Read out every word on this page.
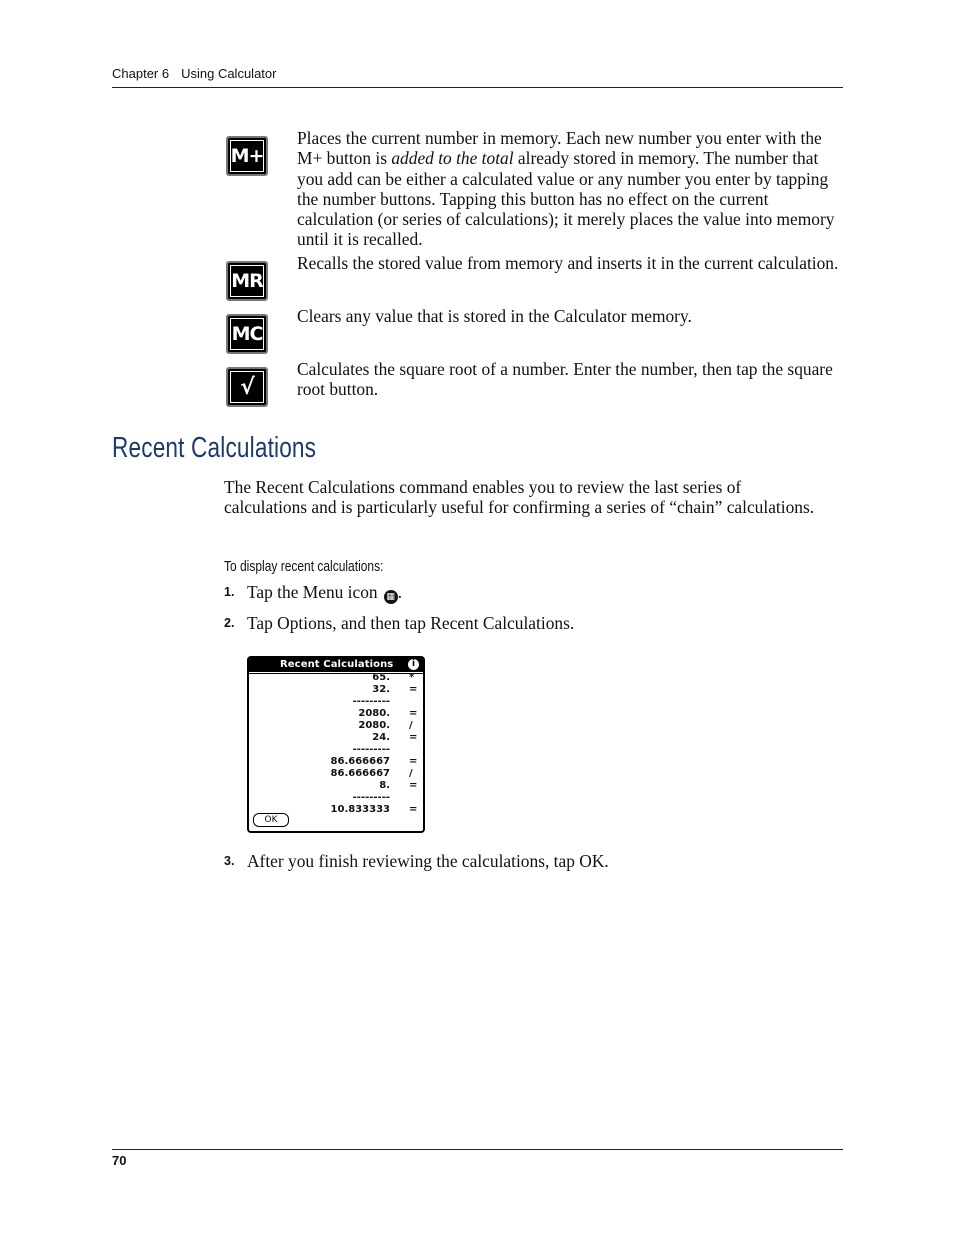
Chapter 6 Using Calculator
M+
Places the current number in memory. Each new number you enter with the M+ button is added to the total already stored in memory. The number that you add can be either a calculated value or any number you enter by tapping the number buttons. Tapping this button has no effect on the current calculation (or series of calculations); it merely places the value into memory until it is recalled.
MR
Recalls the stored value from memory and inserts it in the current calculation.
MC
Clears any value that is stored in the Calculator memory.
√
Calculates the square root of a number. Enter the number, then tap the square root button.
Recent Calculations
The Recent Calculations command enables you to review the last series of calculations and is particularly useful for confirming a series of “chain” calculations.
To display recent calculations:
1. Tap the Menu icon ▦ .
2. Tap Options, and then tap Recent Calculations.
Recent Calculations	i
65. *
32. =
---------
2080. =
2080. /
24. =
---------
86.666667 =
86.666667 /
8. =
---------
10.833333 =
OK
3. After you finish reviewing the calculations, tap OK.
70
